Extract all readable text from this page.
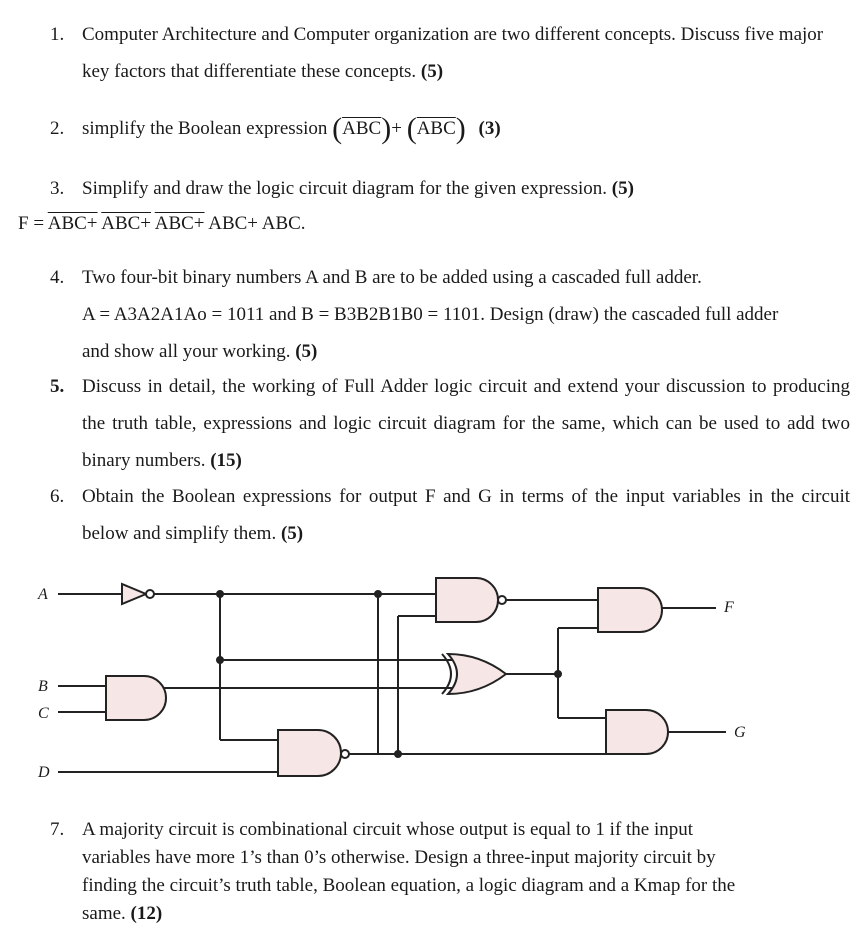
1. Computer Architecture and Computer organization are two different concepts. Discuss five major key factors that differentiate these concepts. (5)
2. simplify the Boolean expression $(ABC)+ (\overline{ABC})$ (3)
3. Simplify and draw the logic circuit diagram for the given expression. (5)
F = ABC+ ABC+ ABC+ ABC+ ABC.
4. Two four-bit binary numbers A and B are to be added using a cascaded full adder.
A = A3A2A1Ao = 1011 and B = B3B2B1B0 = 1101. Design (draw) the cascaded full adder
and show all your working. (5)
5. Discuss in detail, the working of Full Adder logic circuit and extend your discussion to producing the truth table, expressions and logic circuit diagram for the same, which can be used to add two binary numbers. (15)
6. Obtain the Boolean expressions for output F and G in terms of the input variables in the circuit below and simplify them. (5)
A
B
C
D
F
G
7. A majority circuit is combinational circuit whose output is equal to 1 if the input
variables have more 1’s than 0’s otherwise. Design a three-input majority circuit by
finding the circuit’s truth table, Boolean equation, a logic diagram and a Kmap for the
same. (12)
